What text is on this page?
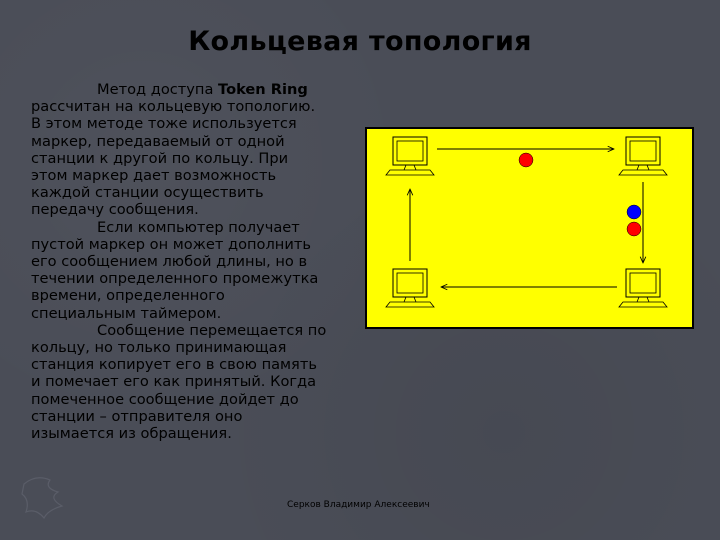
Кольцевая топология
Метод доступа Token Ring
рассчитан на кольцевую топологию.
В этом методе тоже используется
маркер, передаваемый от одной
станции к другой по кольцу. При
этом маркер дает возможность
каждой станции осуществить
передачу сообщения.
Если компьютер получает
пустой маркер он может дополнить
его сообщением любой длины, но в
течении определенного промежутка
времени, определенного
специальным таймером.
Сообщение перемещается по
кольцу, но только принимающая
станция копирует его в свою память
и помечает его как принятый. Когда
помеченное сообщение дойдет до
станции – отправителя оно
изымается из обращения.
Серков Владимир Алексеевич
